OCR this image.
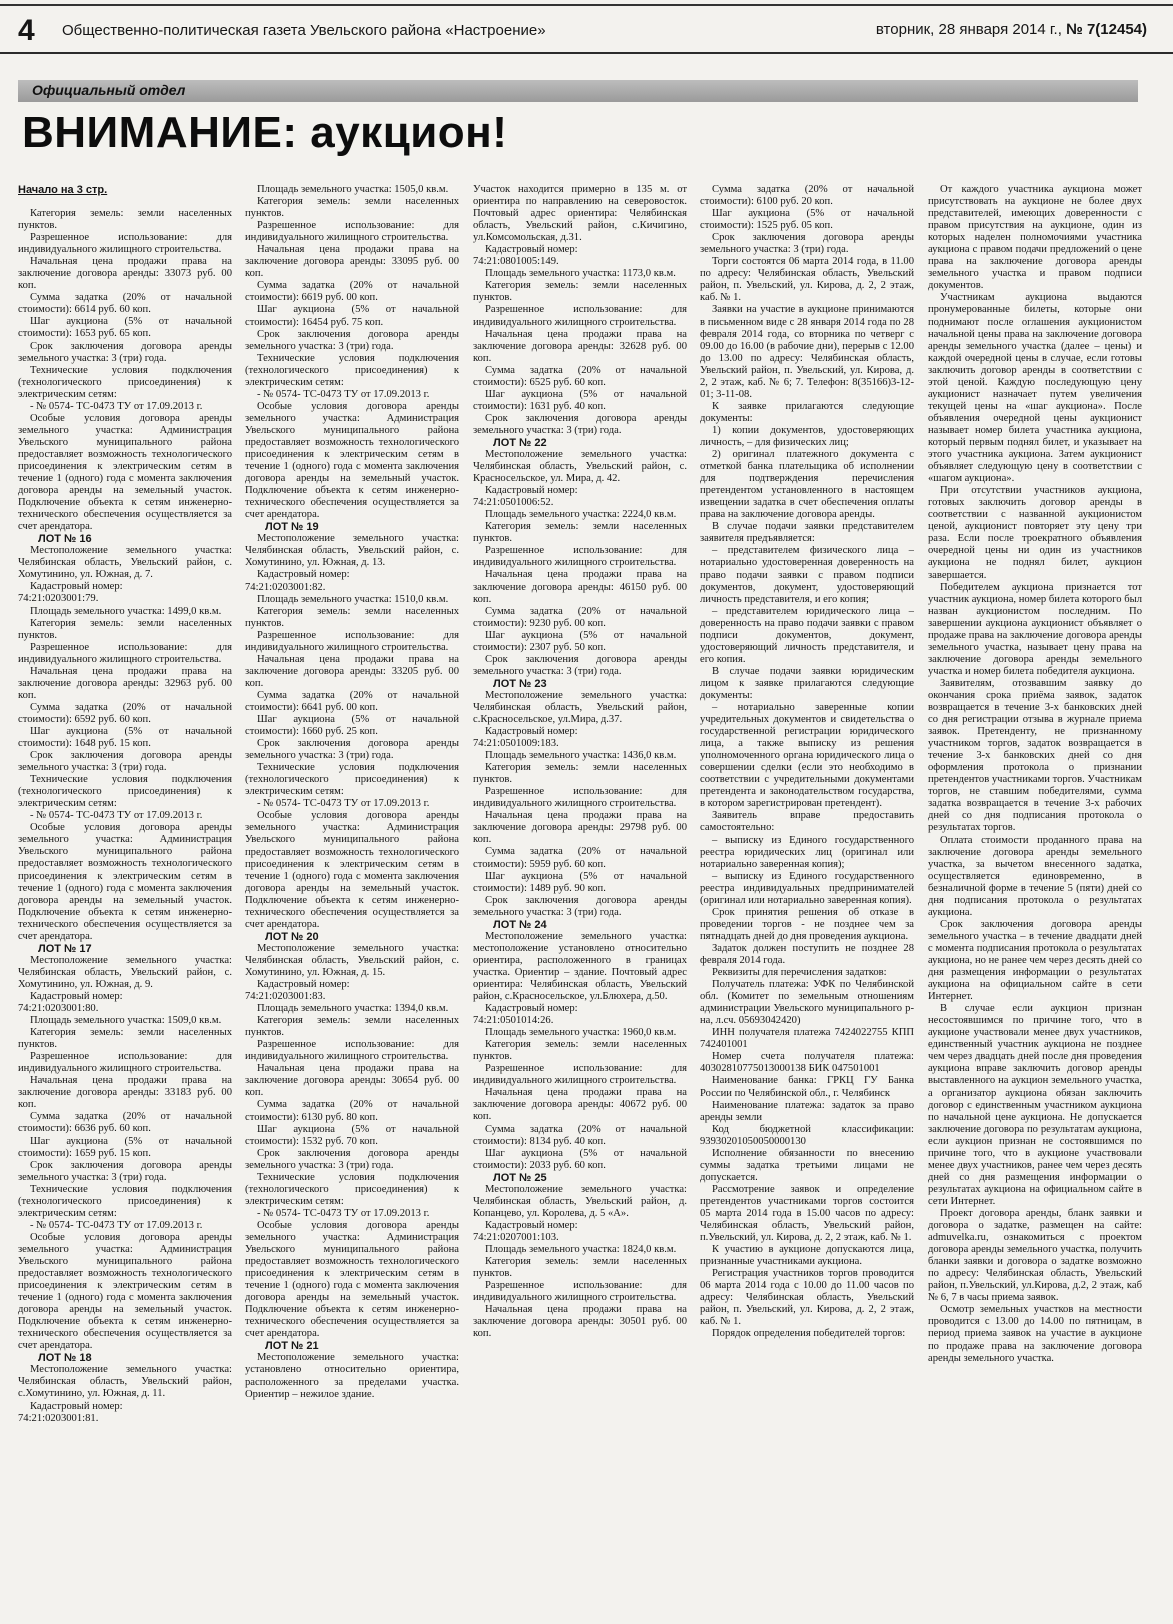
4 Общественно-политическая газета Увельского района «Настроение»	вторник, 28 января 2014 г., № 7(12454)
Официальный отдел
ВНИМАНИЕ: аукцион!

Начало на 3 стр.

Категория земель: земли населенных пунктов.

Разрешенное использование: для индивидуального жилищного строительства.

Начальная цена продажи права на заключение договора аренды: 33073 руб. 00 коп.

Сумма задатка (20% от начальной стоимости): 6614 руб. 60 коп.

Шаг аукциона (5% от начальной стоимости): 1653 руб. 65 коп.

Срок заключения договора аренды земельного участка: 3 (три) года.

Технические условия подключения (технологического присоединения) к электрическим сетям:

- № 0574- ТС-0473 ТУ от 17.09.2013 г.

Особые условия договора аренды земельного участка: Администрация Увельского муниципального района предоставляет возможность технологического присоединения к электрическим сетям в течение 1 (одного) года с момента заключения договора аренды на земельный участок. Подключение объекта к сетям инженерно-технического обеспечения осуществляется за счет арендатора.

ЛОТ № 16

Местоположение земельного участка: Челябинская область, Увельский район, с. Хомутинино, ул. Южная, д. 7.

Кадастровый номер:

74:21:0203001:79.

Площадь земельного участка: 1499,0 кв.м.

Категория земель: земли населенных пунктов.

Разрешенное использование: для индивидуального жилищного строительства.

Начальная цена продажи права на заключение договора аренды: 32963 руб. 00 коп.

Сумма задатка (20% от начальной стоимости): 6592 руб. 60 коп.

Шаг аукциона (5% от начальной стоимости): 1648 руб. 15 коп.

Срок заключения договора аренды земельного участка: 3 (три) года.

Технические условия подключения (технологического присоединения) к электрическим сетям:

- № 0574- ТС-0473 ТУ от 17.09.2013 г.

Особые условия договора аренды земельного участка: Администрация Увельского муниципального района предоставляет возможность технологического присоединения к электрическим сетям в течение 1 (одного) года с момента заключения договора аренды на земельный участок. Подключение объекта к сетям инженерно-технического обеспечения осуществляется за счет арендатора.

ЛОТ № 17

Местоположение земельного участка: Челябинская область, Увельский район, с. Хомутинино, ул. Южная, д. 9.

Кадастровый номер:

74:21:0203001:80.

Площадь земельного участка: 1509,0 кв.м.

Категория земель: земли населенных пунктов.

Разрешенное использование: для индивидуального жилищного строительства.

Начальная цена продажи права на заключение договора аренды: 33183 руб. 00 коп.

Сумма задатка (20% от начальной стоимости): 6636 руб. 60 коп.

Шаг аукциона (5% от начальной стоимости): 1659 руб. 15 коп.

Срок заключения договора аренды земельного участка: 3 (три) года.

Технические условия подключения (технологического присоединения) к электрическим сетям:

- № 0574- ТС-0473 ТУ от 17.09.2013 г.

Особые условия договора аренды земельного участка: Администрация Увельского муниципального района предоставляет возможность технологического присоединения к электрическим сетям в течение 1 (одного) года с момента заключения договора аренды на земельный участок. Подключение объекта к сетям инженерно-технического обеспечения осуществляется за счет арендатора.

ЛОТ № 18

Местоположение земельного участка: Челябинская область, Увельский район, с.Хомутинино, ул. Южная, д. 11.

Кадастровый номер:

74:21:0203001:81.

Площадь земельного участка: 1505,0 кв.м.

Категория земель: земли населенных пунктов.

Разрешенное использование: для индивидуального жилищного строительства.

Начальная цена продажи права на заключение договора аренды: 33095 руб. 00 коп.

Сумма задатка (20% от начальной стоимости): 6619 руб. 00 коп.

Шаг аукциона (5% от начальной стоимости): 16454 руб. 75 коп.

Срок заключения договора аренды земельного участка: 3 (три) года.

Технические условия подключения (технологического присоединения) к электрическим сетям:

- № 0574- ТС-0473 ТУ от 17.09.2013 г.

Особые условия договора аренды земельного участка: Администрация Увельского муниципального района предоставляет возможность технологического присоединения к электрическим сетям в течение 1 (одного) года с момента заключения договора аренды на земельный участок. Подключение объекта к сетям инженерно-технического обеспечения осуществляется за счет арендатора.

ЛОТ № 19

Местоположение земельного участка: Челябинская область, Увельский район, с. Хомутинино, ул. Южная, д. 13.

Кадастровый номер:

74:21:0203001:82.

Площадь земельного участка: 1510,0 кв.м.

Категория земель: земли населенных пунктов.

Разрешенное использование: для индивидуального жилищного строительства.

Начальная цена продажи права на заключение договора аренды: 33205 руб. 00 коп.

Сумма задатка (20% от начальной стоимости): 6641 руб. 00 коп.

Шаг аукциона (5% от начальной стоимости): 1660 руб. 25 коп.

Срок заключения договора аренды земельного участка: 3 (три) года.

Технические условия подключения (технологического присоединения) к электрическим сетям:

- № 0574- ТС-0473 ТУ от 17.09.2013 г.

Особые условия договора аренды земельного участка: Администрация Увельского муниципального района предоставляет возможность технологического присоединения к электрическим сетям в течение 1 (одного) года с момента заключения договора аренды на земельный участок. Подключение объекта к сетям инженерно-технического обеспечения осуществляется за счет арендатора.

ЛОТ № 20

Местоположение земельного участка: Челябинская область, Увельский район, с. Хомутинино, ул. Южная, д. 15.

Кадастровый номер:

74:21:0203001:83.

Площадь земельного участка: 1394,0 кв.м.

Категория земель: земли населенных пунктов.

Разрешенное использование: для индивидуального жилищного строительства.

Начальная цена продажи права на заключение договора аренды: 30654 руб. 00 коп.

Сумма задатка (20% от начальной стоимости): 6130 руб. 80 коп.

Шаг аукциона (5% от начальной стоимости): 1532 руб. 70 коп.

Срок заключения договора аренды земельного участка: 3 (три) года.

Технические условия подключения (технологического присоединения) к электрическим сетям:

- № 0574- ТС-0473 ТУ от 17.09.2013 г.

Особые условия договора аренды земельного участка: Администрация Увельского муниципального района предоставляет возможность технологического присоединения к электрическим сетям в течение 1 (одного) года с момента заключения договора аренды на земельный участок. Подключение объекта к сетям инженерно-технического обеспечения осуществляется за счет арендатора.

ЛОТ № 21

Местоположение земельного участка: установлено относительно ориентира, расположенного за пределами участка. Ориентир – нежилое здание.

Участок находится примерно в 135 м. от ориентира по направлению на северовосток. Почтовый адрес ориентира: Челябинская область, Увельский район, с.Кичигино, ул.Комсомольская, д.31.

Кадастровый номер:

74:21:0801005:149.

Площадь земельного участка: 1173,0 кв.м.

Категория земель: земли населенных пунктов.

Разрешенное использование: для индивидуального жилищного строительства.

Начальная цена продажи права на заключение договора аренды: 32628 руб. 00 коп.

Сумма задатка (20% от начальной стоимости): 6525 руб. 60 коп.

Шаг аукциона (5% от начальной стоимости): 1631 руб. 40 коп.

Срок заключения договора аренды земельного участка: 3 (три) года.

ЛОТ № 22

Местоположение земельного участка: Челябинская область, Увельский район, с. Красносельское, ул. Мира, д. 42.

Кадастровый номер:

74:21:0501006:52.

Площадь земельного участка: 2224,0 кв.м.

Категория земель: земли населенных пунктов.

Разрешенное использование: для индивидуального жилищного строительства.

Начальная цена продажи права на заключение договора аренды: 46150 руб. 00 коп.

Сумма задатка (20% от начальной стоимости): 9230 руб. 00 коп.

Шаг аукциона (5% от начальной стоимости): 2307 руб. 50 коп.

Срок заключения договора аренды земельного участка: 3 (три) года.

ЛОТ № 23

Местоположение земельного участка: Челябинская область, Увельский район, с.Красносельское, ул.Мира, д.37.

Кадастровый номер:

74:21:0501009:183.

Площадь земельного участка: 1436,0 кв.м.

Категория земель: земли населенных пунктов.

Разрешенное использование: для индивидуального жилищного строительства.

Начальная цена продажи права на заключение договора аренды: 29798 руб. 00 коп.

Сумма задатка (20% от начальной стоимости): 5959 руб. 60 коп.

Шаг аукциона (5% от начальной стоимости): 1489 руб. 90 коп.

Срок заключения договора аренды земельного участка: 3 (три) года.

ЛОТ № 24

Местоположение земельного участка: местоположение установлено относительно ориентира, расположенного в границах участка. Ориентир – здание. Почтовый адрес ориентира: Челябинская область, Увельский район, с.Красносельское, ул.Блюхера, д.50.

Кадастровый номер:

74:21:0501014:26.

Площадь земельного участка: 1960,0 кв.м.

Категория земель: земли населенных пунктов.

Разрешенное использование: для индивидуального жилищного строительства.

Начальная цена продажи права на заключение договора аренды: 40672 руб. 00 коп.

Сумма задатка (20% от начальной стоимости): 8134 руб. 40 коп.

Шаг аукциона (5% от начальной стоимости): 2033 руб. 60 коп.

ЛОТ № 25

Местоположение земельного участка: Челябинская область, Увельский район, д. Копанцево, ул. Королева, д. 5 «А».

Кадастровый номер:

74:21:0207001:103.

Площадь земельного участка: 1824,0 кв.м.

Категория земель: земли населенных пунктов.

Разрешенное использование: для индивидуального жилищного строительства.

Начальная цена продажи права на заключение договора аренды: 30501 руб. 00 коп.

Сумма задатка (20% от начальной стоимости): 6100 руб. 20 коп.

Шаг аукциона (5% от начальной стоимости): 1525 руб. 05 коп.

Срок заключения договора аренды земельного участка: 3 (три) года.

Торги состоятся 06 марта 2014 года, в 11.00 по адресу: Челябинская область, Увельский район, п. Увельский, ул. Кирова, д. 2, 2 этаж, каб. № 1.

Заявки на участие в аукционе принимаются в письменном виде с 28 января 2014 года по 28 февраля 2014 года, со вторника по четверг с 09.00 до 16.00 (в рабочие дни), перерыв с 12.00 до 13.00 по адресу: Челябинская область, Увельский район, п. Увельский, ул. Кирова, д. 2, 2 этаж, каб. № 6; 7. Телефон: 8(35166)3-12-01; 3-11-08.

К заявке прилагаются следующие документы:

1) копии документов, удостоверяющих личность, – для физических лиц;

2) оригинал платежного документа с отметкой банка плательщика об исполнении для подтверждения перечисления претендентом установленного в настоящем извещении задатка в счет обеспечения оплаты права на заключение договора аренды.

В случае подачи заявки представителем заявителя предъявляется:

– представителем физического лица – нотариально удостоверенная доверенность на право подачи заявки с правом подписи документов, документ, удостоверяющий личность представителя, и его копия;

– представителем юридического лица – доверенность на право подачи заявки с правом подписи документов, документ, удостоверяющий личность представителя, и его копия.

В случае подачи заявки юридическим лицом к заявке прилагаются следующие документы:

– нотариально заверенные копии учредительных документов и свидетельства о государственной регистрации юридического лица, а также выписку из решения уполномоченного органа юридического лица о совершении сделки (если это необходимо в соответствии с учредительными документами претендента и законодательством государства, в котором зарегистрирован претендент).

Заявитель вправе предоставить самостоятельно:

– выписку из Единого государственного реестра юридических лиц (оригинал или нотариально заверенная копия);

– выписку из Единого государственного реестра индивидуальных предпринимателей (оригинал или нотариально заверенная копия).

Срок принятия решения об отказе в проведении торгов - не позднее чем за пятнадцать дней до дня проведения аукциона.

Задаток должен поступить не позднее 28 февраля 2014 года.

Реквизиты для перечисления задатков:

Получатель платежа: УФК по Челябинской обл. (Комитет по земельным отношениям администрации Увельского муниципального р-на, л.сч. 05693042420)

ИНН получателя платежа 7424022755 КПП 742401001

Номер счета получателя платежа: 40302810775013000138 БИК 047501001

Наименование банка: ГРКЦ ГУ Банка России по Челябинской обл., г. Челябинск

Наименование платежа: задаток за право аренды земли

Код бюджетной классификации: 93930201050050000130

Исполнение обязанности по внесению суммы задатка третьими лицами не допускается.

Рассмотрение заявок и определение претендентов участниками торгов состоится 05 марта 2014 года в 15.00 часов по адресу: Челябинская область, Увельский район, п.Увельский, ул. Кирова, д. 2, 2 этаж, каб. № 1.

К участию в аукционе допускаются лица, признанные участниками аукциона.

Регистрация участников торгов проводится 06 марта 2014 года с 10.00 до 11.00 часов по адресу: Челябинская область, Увельский район, п. Увельский, ул. Кирова, д. 2, 2 этаж, каб. № 1.

Порядок определения победителей торгов:

От каждого участника аукциона может присутствовать на аукционе не более двух представителей, имеющих доверенности с правом присутствия на аукционе, один из которых наделен полномочиями участника аукциона с правом подачи предложений о цене права на заключение договора аренды земельного участка и правом подписи документов.

Участникам аукциона выдаются пронумерованные билеты, которые они поднимают после оглашения аукционистом начальной цены права на заключение договора аренды земельного участка (далее – цены) и каждой очередной цены в случае, если готовы заключить договор аренды в соответствии с этой ценой. Каждую последующую цену аукционист назначает путем увеличения текущей цены на «шаг аукциона». После объявления очередной цены аукционист называет номер билета участника аукциона, который первым поднял билет, и указывает на этого участника аукциона. Затем аукционист объявляет следующую цену в соответствии с «шагом аукциона».

При отсутствии участников аукциона, готовых заключить договор аренды в соответствии с названной аукционистом ценой, аукционист повторяет эту цену три раза. Если после троекратного объявления очередной цены ни один из участников аукциона не поднял билет, аукцион завершается.

Победителем аукциона признается тот участник аукциона, номер билета которого был назван аукционистом последним. По завершении аукциона аукционист объявляет о продаже права на заключение договора аренды земельного участка, называет цену права на заключение договора аренды земельного участка и номер билета победителя аукциона.

Заявителям, отозвавшим заявку до окончания срока приёма заявок, задаток возвращается в течение 3-х банковских дней со дня регистрации отзыва в журнале приема заявок. Претенденту, не признанному участником торгов, задаток возвращается в течение 3-х банковских дней со дня оформления протокола о признании претендентов участниками торгов. Участникам торгов, не ставшим победителями, сумма задатка возвращается в течение 3-х рабочих дней со дня подписания протокола о результатах торгов.

Оплата стоимости проданного права на заключение договора аренды земельного участка, за вычетом внесенного задатка, осуществляется единовременно, в безналичной форме в течение 5 (пяти) дней со дня подписания протокола о результатах аукциона.

Срок заключения договора аренды земельного участка – в течение двадцати дней с момента подписания протокола о результатах аукциона, но не ранее чем через десять дней со дня размещения информации о результатах аукциона на официальном сайте в сети Интернет.

В случае если аукцион признан несостоявшимся по причине того, что в аукционе участвовали менее двух участников, единственный участник аукциона не позднее чем через двадцать дней после дня проведения аукциона вправе заключить договор аренды выставленного на аукцион земельного участка, а организатор аукциона обязан заключить договор с единственным участником аукциона по начальной цене аукциона. Не допускается заключение договора по результатам аукциона, если аукцион признан не состоявшимся по причине того, что в аукционе участвовали менее двух участников, ранее чем через десять дней со дня размещения информации о результатах аукциона на официальном сайте в сети Интернет.

Проект договора аренды, бланк заявки и договора о задатке, размещен на сайте: admuvelka.ru, ознакомиться с проектом договора аренды земельного участка, получить бланки заявки и договора о задатке возможно по адресу: Челябинская область, Увельский район, п.Увельский, ул.Кирова, д.2, 2 этаж, каб № 6, 7 в часы приема заявок.

Осмотр земельных участков на местности проводится с 13.00 до 14.00 по пятницам, в период приема заявок на участие в аукционе по продаже права на заключение договора аренды земельного участка.
